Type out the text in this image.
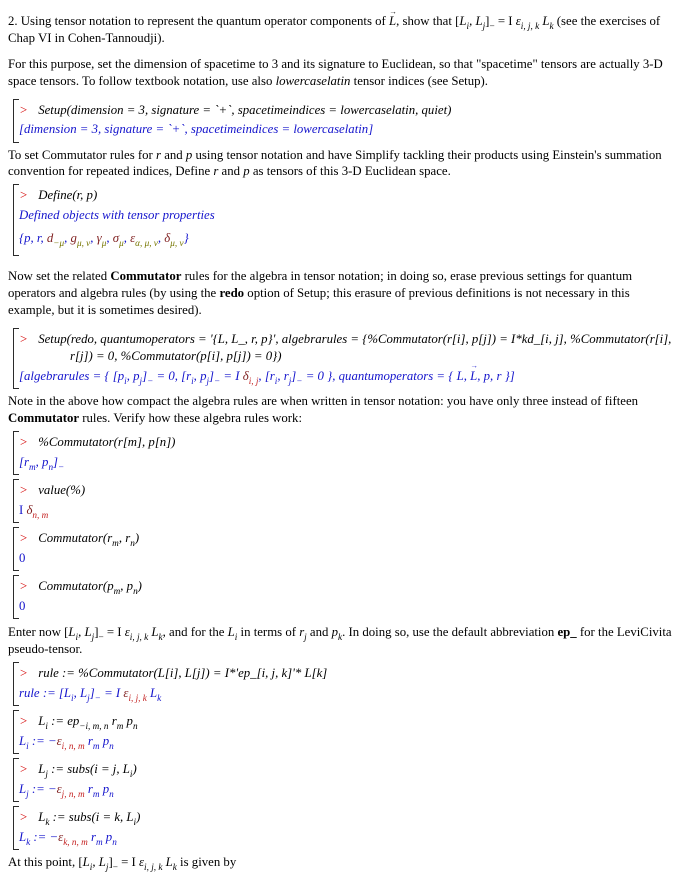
2. Using tensor notation to represent the quantum operator components of L →, show that [$L_i$, $L_j]_- = I$ $\varepsilon_{i, j, k}$ $L_k$ (see the exercises of Chap VI in Cohen-Tannoudji).

For this purpose, set the dimension of spacetime to 3 and its signature to Euclidean, so that "spacetime" tensors are actually 3-D space tensors. To follow textbook notation, use also lowercaselatin tensor indices (see Setup).

> Setup(dimension = 3, signature = `+`, spacetimeindices = lowercaselatin, quiet)
[dimension = 3, signature = `+`, spacetimeindices = lowercaselatin]

To set Commutator rules for r and p using tensor notation and have Simplify tackling their products using Einstein's summation convention for repeated indices, Define r and p as tensors of this 3-D Euclidean space.

> Define(r, p)
Defined objects with tensor properties
{p, r, $d_{-\mu}$, $g_{\mu, \nu}$, $\gamma_\mu$, $\sigma_\mu$, $\varepsilon_{\alpha, \mu, \nu}$, $\delta_{\mu, \nu}$}

Now set the related Commutator rules for the algebra in tensor notation; in doing so, erase previous settings for quantum operators and algebra rules (by using the redo option of Setup; this erasure of previous definitions is not necessary in this example, but it is sometimes desired).

> Setup(redo, quantumoperators = '{L, L_, r, p}', algebrarules = {%Commutator(r[i], p[j]) = I*kd_[i, j], %Commutator(r[i],
r[j]) = 0, %Commutator(p[i], p[j]) = 0})
[algebrarules = { [$p_i$, $p_j]_- = 0$, [$r_i$, $p_j]_- = I$ $\delta_{i, j}$, [$r_i$, $r_j]_- = 0$ }, quantumoperators = { L, L →, p, r }]

Note in the above how compact the algebra rules are when written in tensor notation: you have only three instead of fifteen Commutator rules. Verify how these algebra rules work:

> %Commutator(r[m], p[n])
[$r_m$, $p_n]_-$
> value(%)
I $\delta_{n, m}$
> $Commutator(r_m$, $r_n$)
0
> $Commutator(p_m$, $p_n$)
0

Enter now [$L_i$, $L_j]_- = I$ $\varepsilon_{i, j, k}$ $L_k$, and for the $L_i$ in terms of $r_j$ and $p_k$. In doing so, use the default abbreviation ep_ for the LeviCivita pseudo-tensor.

> rule := %Commutator(L[i], L[j]) = I*'ep_[i, j, k]'* L[k]
rule := [$L_i$, $L_j]_- = I$ $\varepsilon_{i, j, k}$ $L_k$
> $L_i$ := $ep_{-i, m, n}$ $r_m$ $p_n$
$L_i$ := $-\varepsilon_{i, n, m}$ $r_m$ $p_n$
> $L_j$ := subs(i = j, $L_i$)
$L_j$ := $-\varepsilon_{j, n, m}$ $r_m$ $p_n$
> $L_k$ := subs(i = k, $L_i$)
$L_k$ := $-\varepsilon_{k, n, m}$ $r_m$ $p_n$

At this point, [$L_i$, $L_j]_- = I$ $\varepsilon_{i, j, k}$ $L_k$ is given by
